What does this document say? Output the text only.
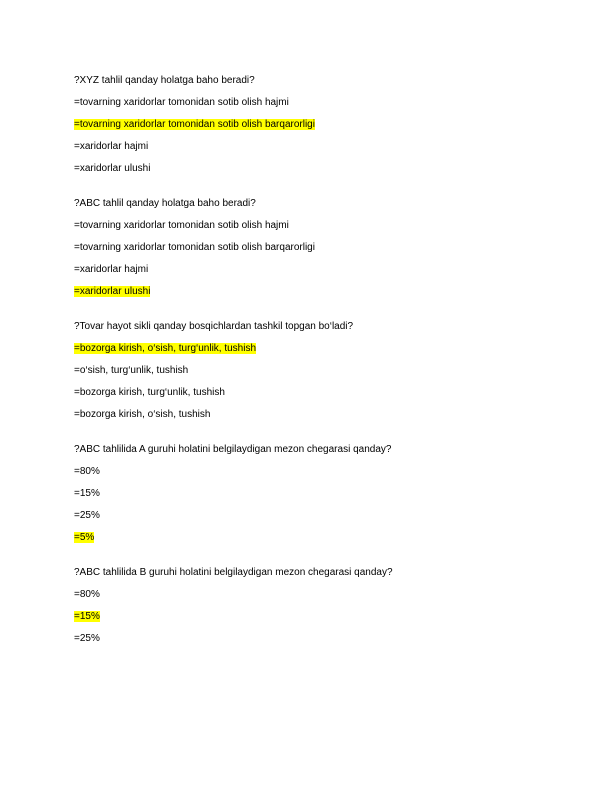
?XYZ tahlil qanday holatga baho beradi?
=tovarning xaridorlar tomonidan sotib olish hajmi
=tovarning xaridorlar tomonidan sotib olish barqarorligi
=xaridorlar hajmi
=xaridorlar ulushi
?ABC tahlil qanday holatga baho beradi?
=tovarning xaridorlar tomonidan sotib olish hajmi
=tovarning xaridorlar tomonidan sotib olish barqarorligi
=xaridorlar hajmi
=xaridorlar ulushi
?Tovar hayot sikli qanday bosqichlardan tashkil topgan bo‘ladi?
=bozorga kirish, o‘sish, turg‘unlik, tushish
=o‘sish, turg‘unlik, tushish
=bozorga kirish, turg‘unlik, tushish
=bozorga kirish, o‘sish, tushish
?ABC tahlilida A guruhi holatini belgilaydigan mezon chegarasi qanday?
=80%
=15%
=25%
=5%
?ABC tahlilida B guruhi holatini belgilaydigan mezon chegarasi qanday?
=80%
=15%
=25%
